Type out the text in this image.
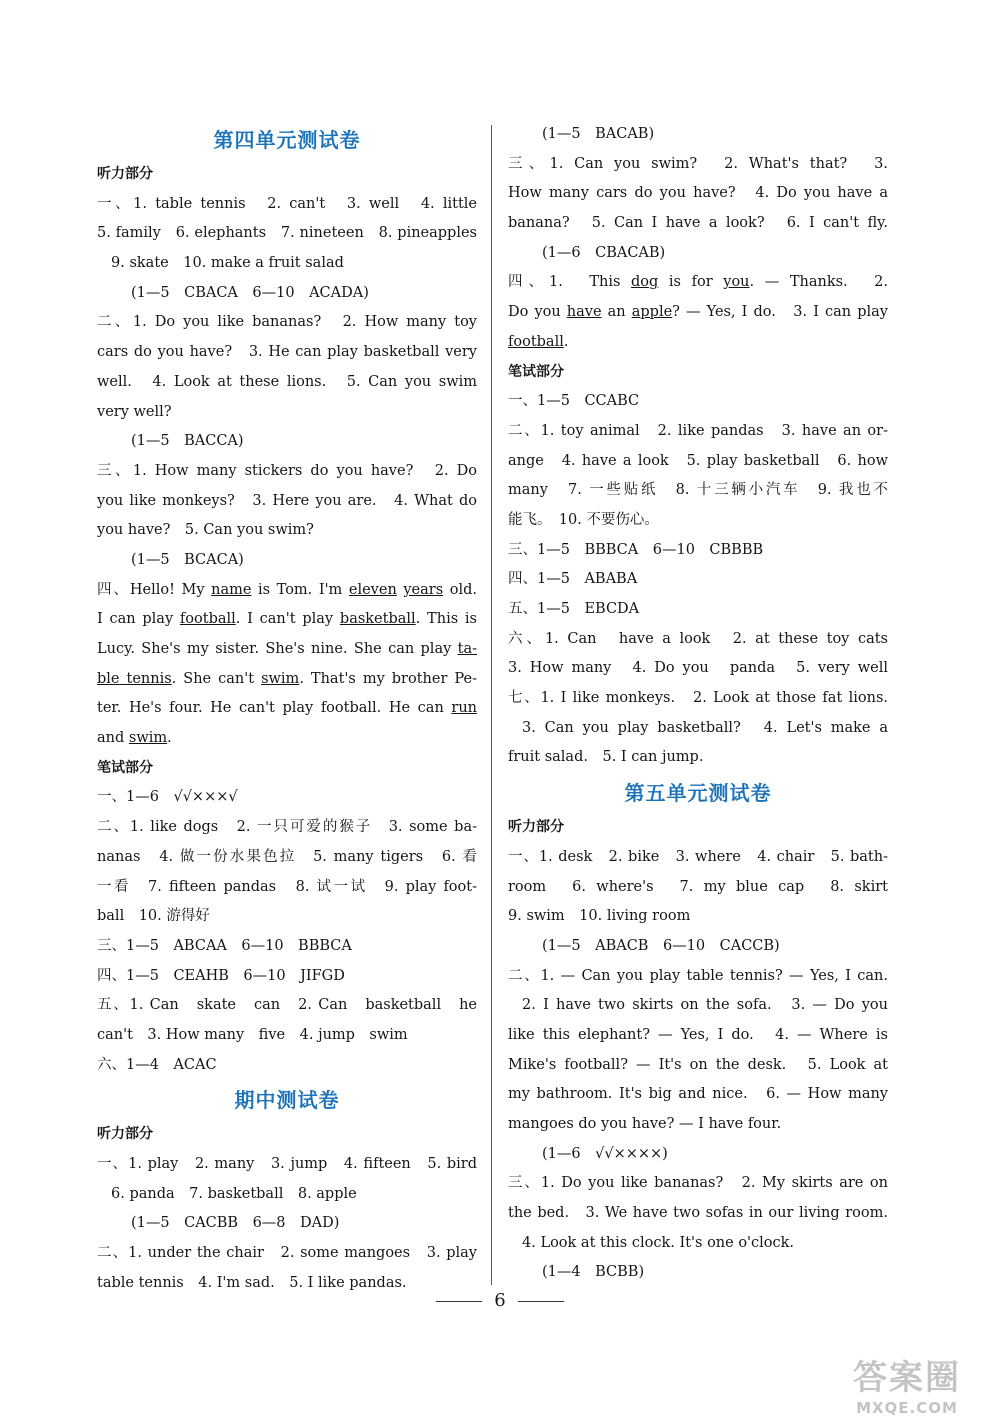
第四单元测试卷
听力部分
一、1. table tennis　2. can't　3. well　4. little
5. family　6. elephants　7. nineteen　8. pineapples
9. skate　10. make a fruit salad
(1—5　CBACA　6—10　ACADA)
二、1. Do you like bananas?　2. How many toy
cars do you have?　3. He can play basketball very
well.　4. Look at these lions.　5. Can you swim
very well?
(1—5　BACCA)
三、1. How many stickers do you have?　2. Do
you like monkeys?　3. Here you are.　4. What do
you have?　5. Can you swim?
(1—5　BCACA)
四、Hello! My name is Tom. I'm eleven years old.
I can play football. I can't play basketball. This is
Lucy. She's my sister. She's nine. She can play ta-
ble tennis. She can't swim. That's my brother Pe-
ter. He's four. He can't play football. He can run
and swim.
笔试部分
一、1—6　√√×××√
二、1. like dogs　2. 一只可爱的猴子　3. some ba-
nanas　4. 做一份水果色拉　5. many tigers　6. 看
一看　7. fifteen pandas　8. 试一试　9. play foot-
ball　10. 游得好
三、1—5　ABCAA　6—10　BBBCA
四、1—5　CEAHB　6—10　JIFGD
五、1. Can　skate　can　2. Can　basketball　he
can't　3. How many　five　4. jump　swim
六、1—4　ACAC
期中测试卷
听力部分
一、1. play　2. many　3. jump　4. fifteen　5. bird
6. panda　7. basketball　8. apple
(1—5　CACBB　6—8　DAD)
二、1. under the chair　2. some mangoes　3. play
table tennis　4. I'm sad.　5. I like pandas.
(1—5　BACAB)
三、1. Can you swim?　2. What's that?　3.
How many cars do you have?　4. Do you have a
banana?　5. Can I have a look?　6. I can't fly.
(1—6　CBACAB)
四、1.　This dog is for you. — Thanks.　2.
Do you have an apple? — Yes, I do.　3. I can play
football.
笔试部分
一、1—5　CCABC
二、1. toy animal　2. like pandas　3. have an or-
ange　4. have a look　5. play basketball　6. how
many　7. 一些贴纸　8. 十三辆小汽车　9. 我也不
能飞。　10. 不要伤心。
三、1—5　BBBCA　6—10　CBBBB
四、1—5　ABABA
五、1—5　EBCDA
六、1. Can　have a look　2. at these toy cats
3. How many　4. Do you　panda　5. very well
七、1. I like monkeys.　2. Look at those fat lions.
3. Can you play basketball?　4. Let's make a
fruit salad.　5. I can jump.
第五单元测试卷
听力部分
一、1. desk　2. bike　3. where　4. chair　5. bath-
room　6. where's　7. my blue cap　8. skirt
9. swim　10. living room
(1—5　ABACB　6—10　CACCB)
二、1. — Can you play table tennis? — Yes, I can.
2. I have two skirts on the sofa.　3. — Do you
like this elephant? — Yes, I do.　4. — Where is
Mike's football? — It's on the desk.　5. Look at
my bathroom. It's big and nice.　6. — How many
mangoes do you have? — I have four.
(1—6　√√××××)
三、1. Do you like bananas?　2. My skirts are on
the bed.　3. We have two sofas in our living room.
4. Look at this clock. It's one o'clock.
(1—4　BCBB)
6
答案圈
MXQE.COM
